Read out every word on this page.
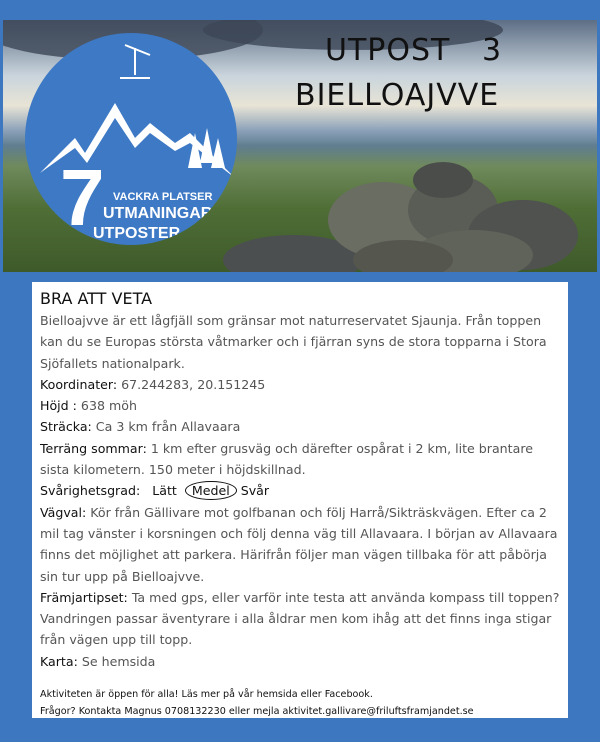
7 VACKRA PLATSER
UTMANINGAR
UTPOSTER
UTPOST   3
BIELLOAJVVE
BRA ATT VETA

Bielloajvve är ett lågfjäll som gränsar mot naturreservatet Sjaunja. Från toppen kan du se Europas största våtmarker och i fjärran syns de stora topparna i Stora Sjöfallets nationalpark.

Koordinater: 67.244283, 20.151245

Höjd : 638 möh

Sträcka: Ca 3 km från Allavaara

Terräng sommar: 1 km efter grusväg och därefter ospårat i 2 km, lite brantare sista kilometern. 150 meter i höjdskillnad.

Svårighetsgrad: Lätt Medel Svår

Vägval: Kör från Gällivare mot golfbanan och följ Harrå/Sikträskvägen. Efter ca 2 mil tag vänster i korsningen och följ denna väg till Allavaara. I början av Allavaara finns det möjlighet att parkera. Härifrån följer man vägen tillbaka för att påbörja sin tur upp på Bielloajvve.

Främjartipset: Ta med gps, eller varför inte testa att använda kompass till toppen? Vandringen passar äventyrare i alla åldrar men kom ihåg att det finns inga stigar från vägen upp till topp.

Karta: Se hemsida

Aktiviteten är öppen för alla! Läs mer på vår hemsida eller Facebook.
Frågor? Kontakta Magnus 0708132230 eller mejla aktivitet.gallivare@friluftsframjandet.se
